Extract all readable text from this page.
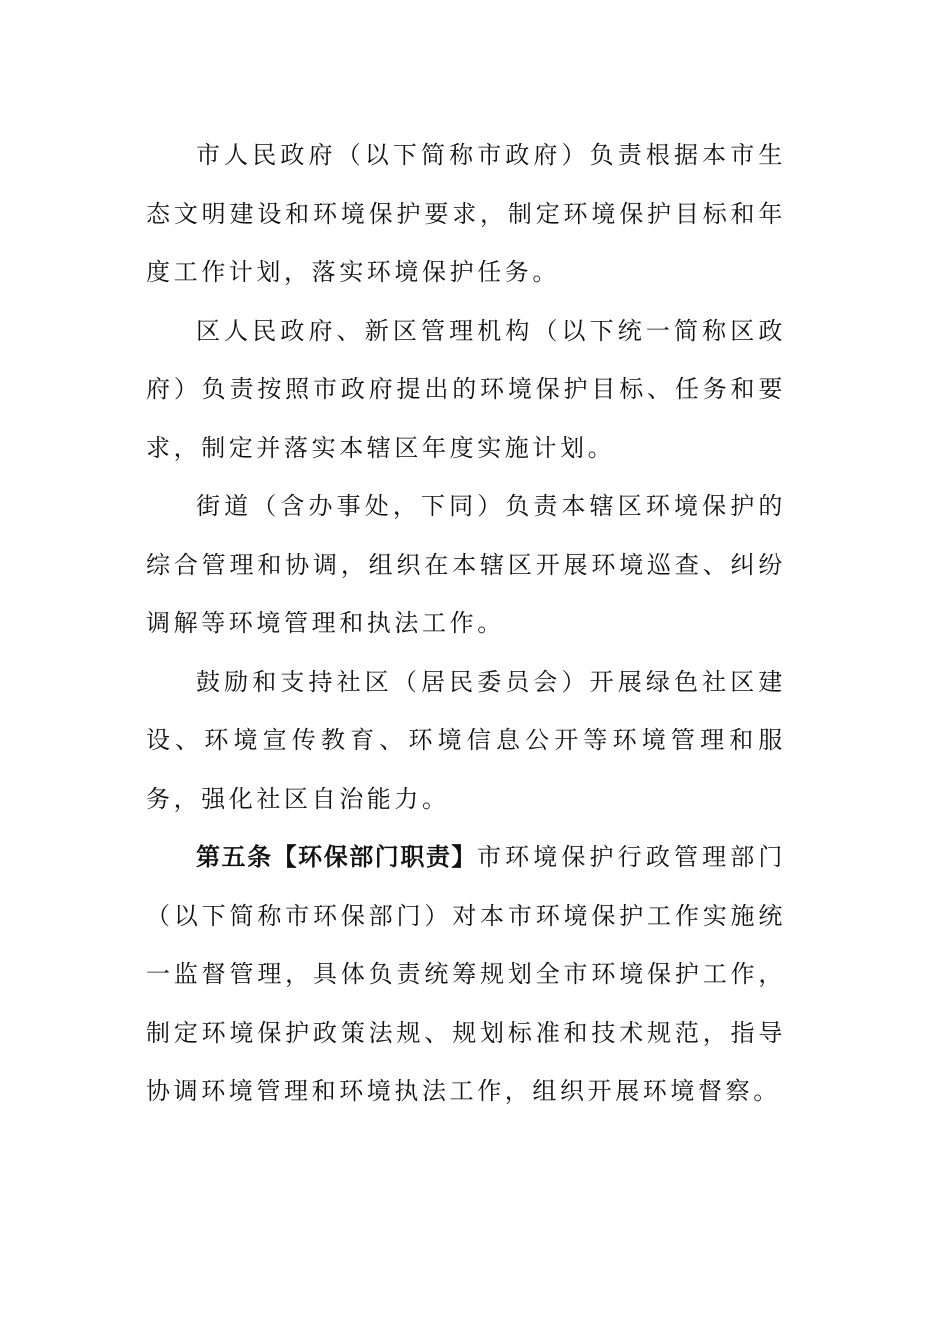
市人民政府（以下简称市政府）负责根据本市生态文明建设和环境保护要求，制定环境保护目标和年度工作计划，落实环境保护任务。

区人民政府、新区管理机构（以下统一简称区政府）负责按照市政府提出的环境保护目标、任务和要求，制定并落实本辖区年度实施计划。

街道（含办事处，下同）负责本辖区环境保护的综合管理和协调，组织在本辖区开展环境巡查、纠纷调解等环境管理和执法工作。

鼓励和支持社区（居民委员会）开展绿色社区建设、环境宣传教育、环境信息公开等环境管理和服务，强化社区自治能力。

第五条【环保部门职责】市环境保护行政管理部门（以下简称市环保部门）对本市环境保护工作实施统一监督管理，具体负责统筹规划全市环境保护工作，制定环境保护政策法规、规划标准和技术规范，指导协调环境管理和环境执法工作，组织开展环境督察。
